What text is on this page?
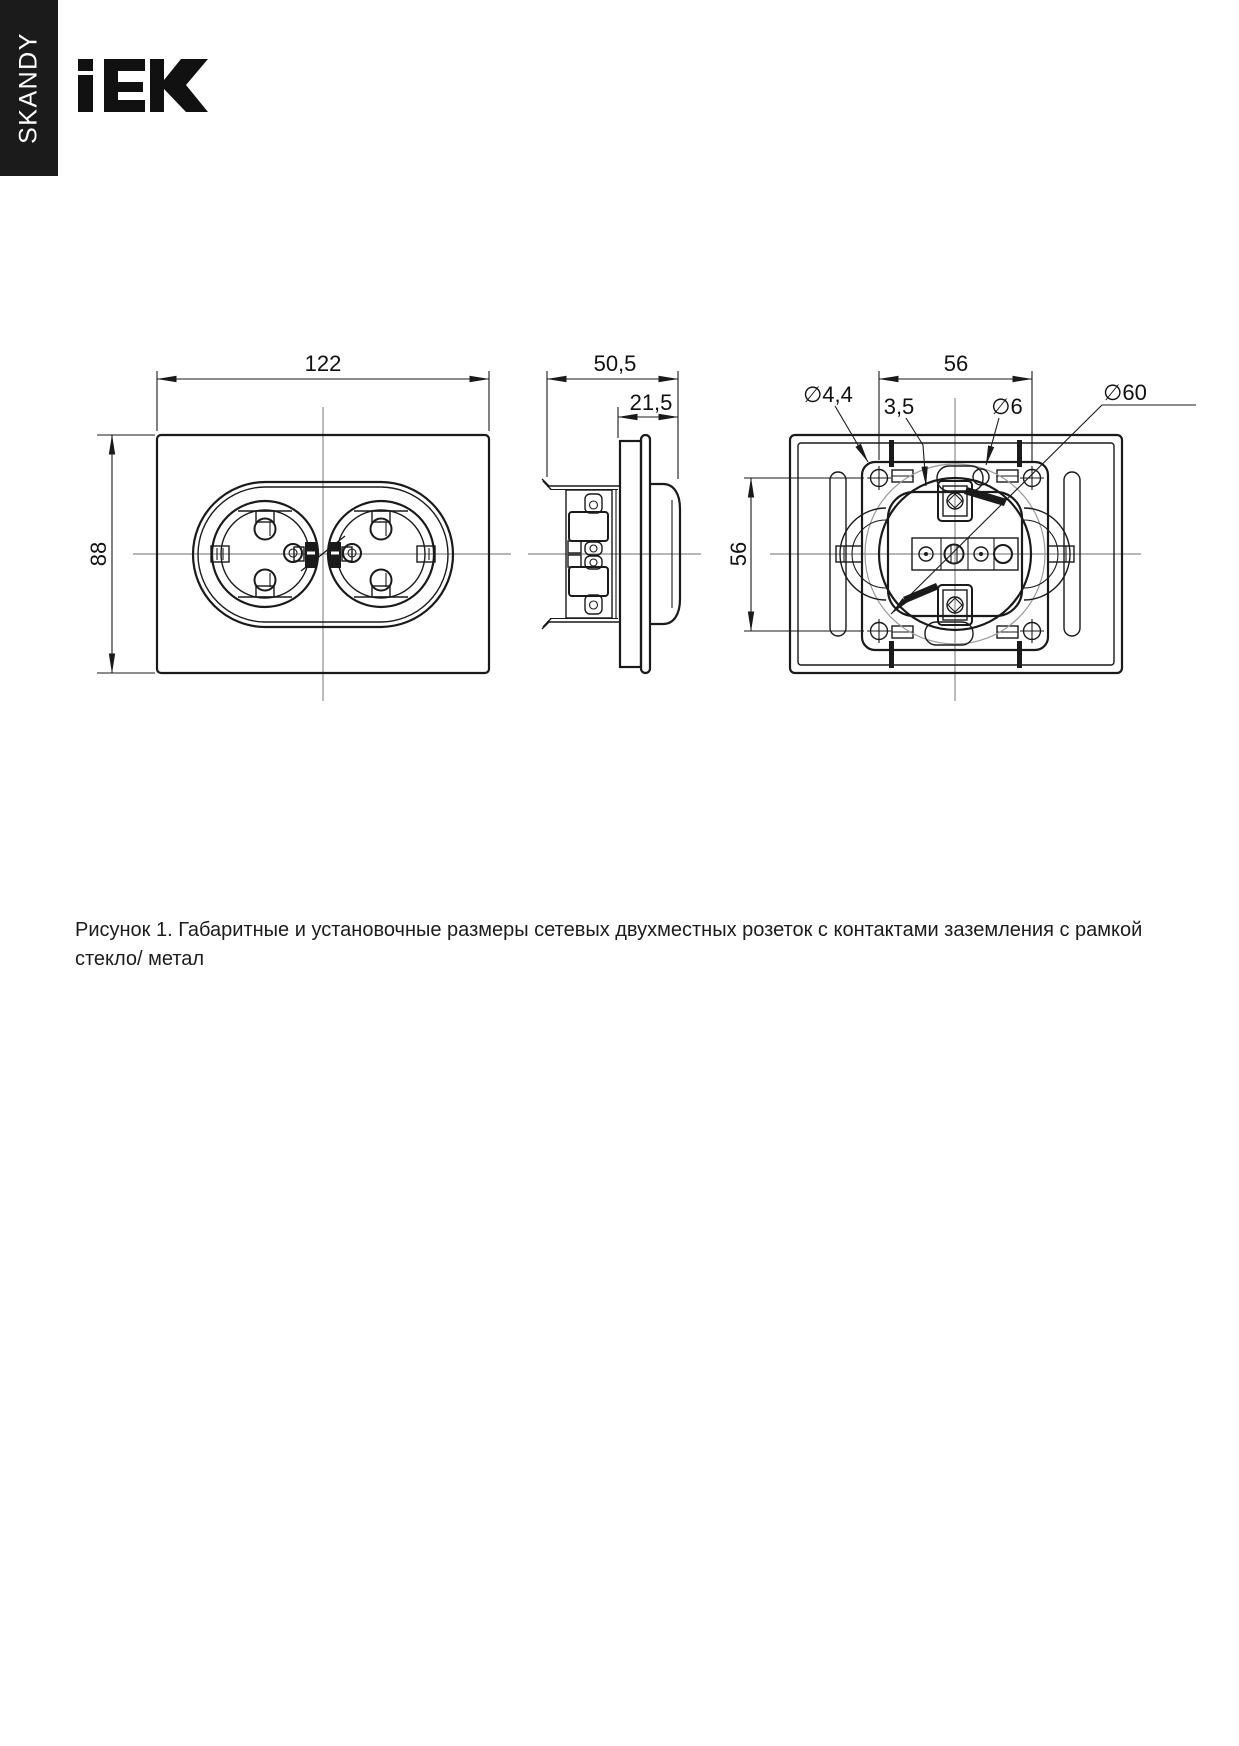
SKANDY
122
88
50,5
21,5
56
56
∅4,4 3,5	∅6
∅60
Рисунок 1. Габаритные и установочные размеры сетевых двухместных розеток с контактами заземления с рамкой стекло/ метал
